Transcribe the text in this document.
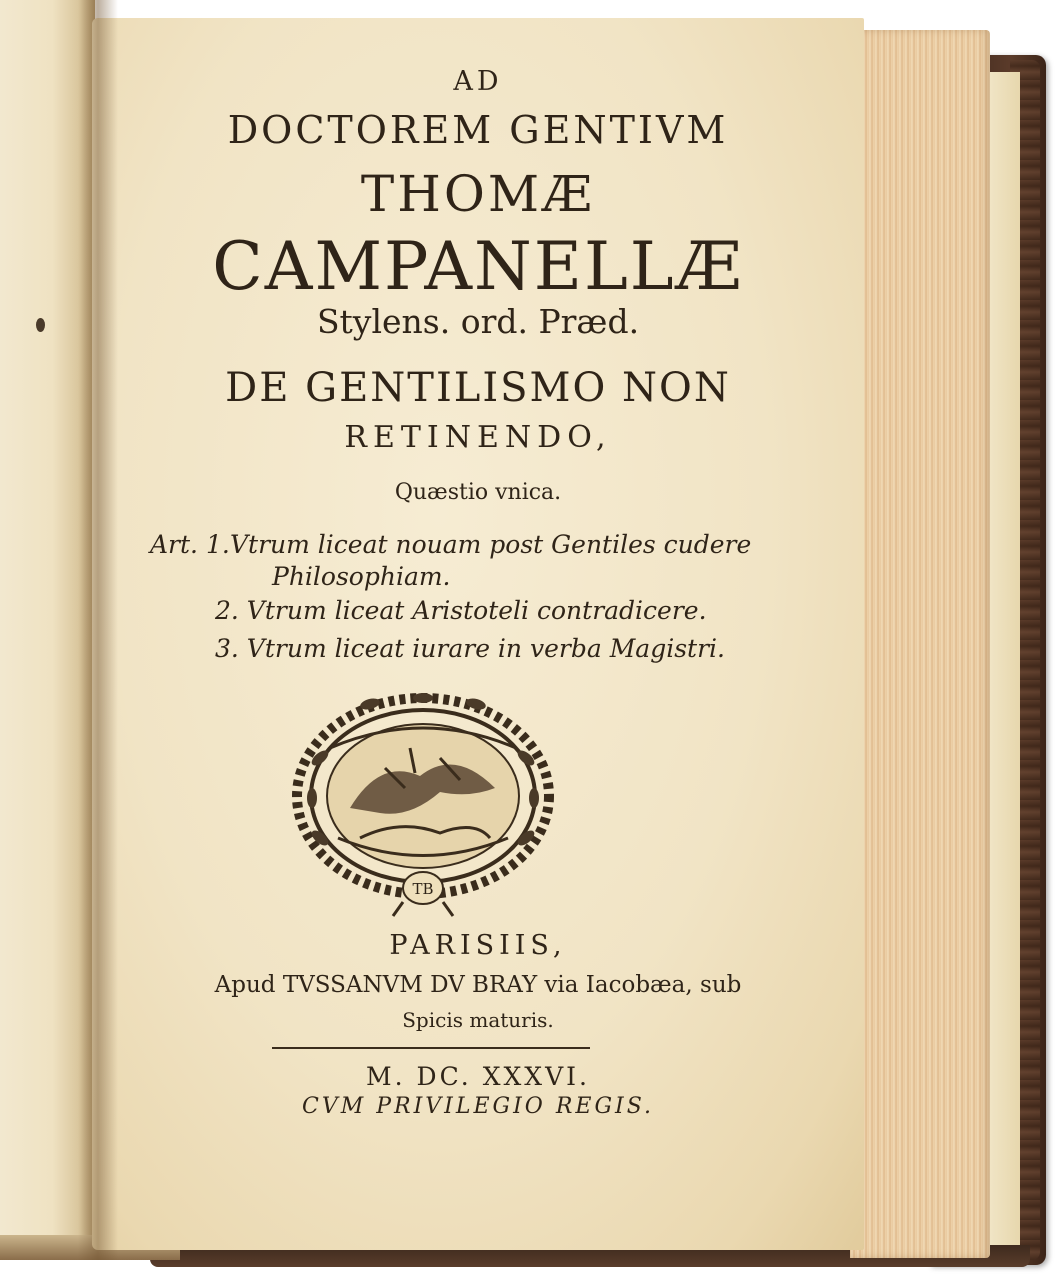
AD
DOCTOREM GENTIVM
THOMÆ
CAMPANELLÆ
Stylens. ord. Præd.
DE GENTILISMO NON
RETINENDO,
Quæstio vnica.
Art. 1. Vtrum liceat nouam post Gentiles cudere
Philosophiam.
2. Vtrum liceat Aristoteli contradicere.
3. Vtrum liceat iurare in verba Magistri.
TB
PARISIIS,
Apud TVSSANVM DV BRAY via Iacobæa, sub
Spicis maturis.
M. DC. XXXVI.
CVM PRIVILEGIO REGIS.
